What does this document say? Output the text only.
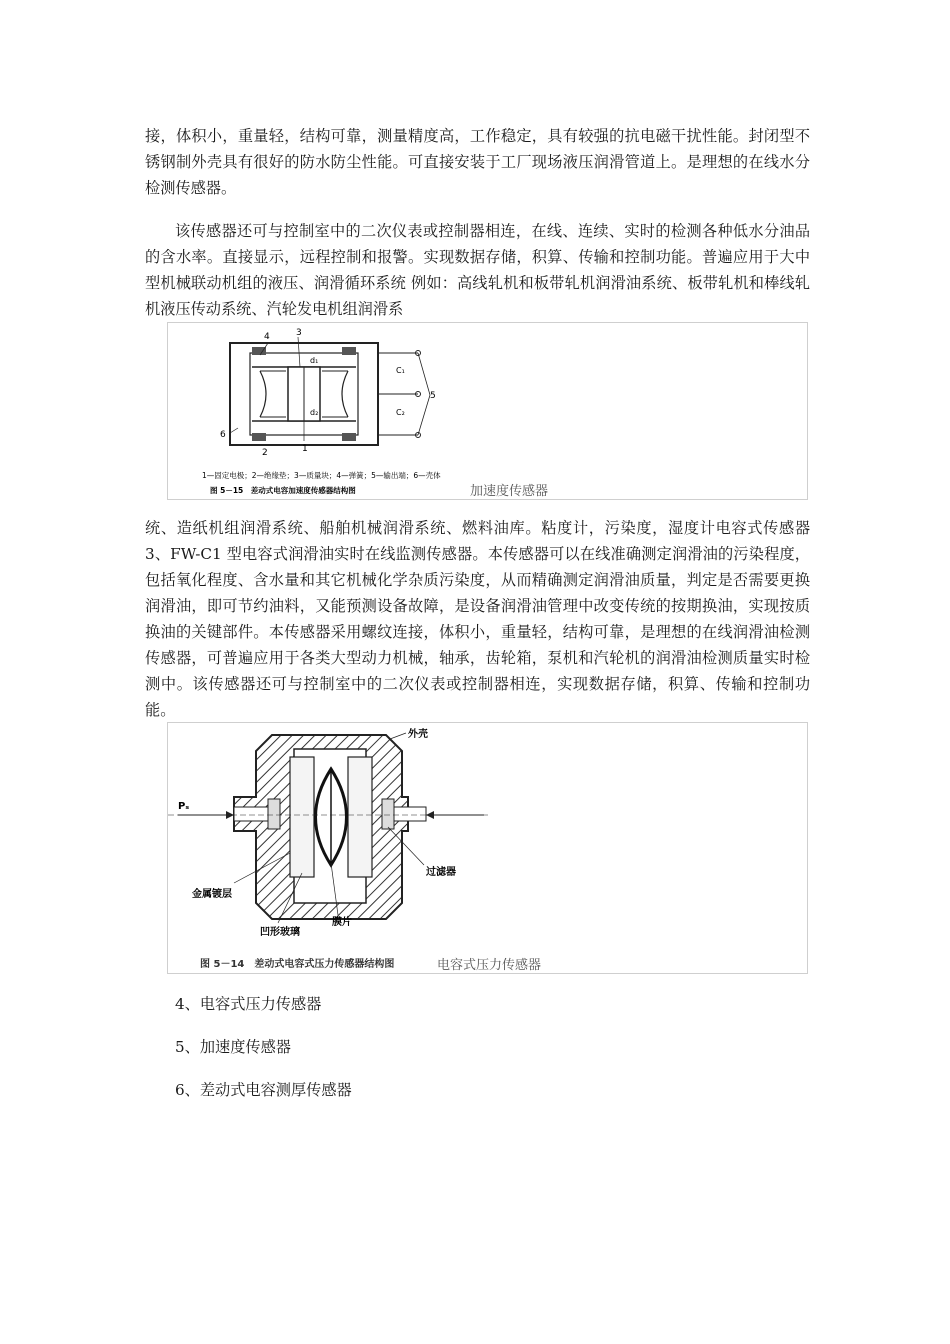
接，体积小，重量轻，结构可靠，测量精度高，工作稳定，具有较强的抗电磁干扰性能。封闭型不锈钢制外壳具有很好的防水防尘性能。可直接安装于工厂现场液压润滑管道上。是理想的在线水分检测传感器。

该传感器还可与控制室中的二次仪表或控制器相连，在线、连续、实时的检测各种低水分油品的含水率。直接显示，远程控制和报警。实现数据存储，积算、传输和控制功能。普遍应用于大中型机械联动机组的液压、润滑循环系统 例如：高线轧机和板带轧机润滑油系统、板带轧机和棒线轧机液压传动系统、汽轮发电机组润滑系

4	3
d₁
d₂
C₁
C₂
5
6
2	1
1—固定电极；2—绝缘垫；3—质量块；4—弹簧；5—输出端；6—壳体
图 5－15　差动式电容加速度传感器结构图	加速度传感器

统、造纸机组润滑系统、船舶机械润滑系统、燃料油库。粘度计，污染度，湿度计电容式传感器 3、FW-C1 型电容式润滑油实时在线监测传感器。本传感器可以在线准确测定润滑油的污染程度，包括氧化程度、含水量和其它机械化学杂质污染度，从而精确测定润滑油质量，判定是否需要更换润滑油，即可节约油料，又能预测设备故障，是设备润滑油管理中改变传统的按期换油，实现按质换油的关键部件。本传感器采用螺纹连接，体积小，重量轻，结构可靠，是理想的在线润滑油检测传感器，可普遍应用于各类大型动力机械，轴承，齿轮箱，泵机和汽轮机的润滑油检测质量实时检测中。该传感器还可与控制室中的二次仪表或控制器相连，实现数据存储，积算、传输和控制功能。

外壳
Pₛ
金属镀层
过滤器
凹形玻璃
膜片
图 5－14　差动式电容式压力传感器结构图	电容式压力传感器

4、电容式压力传感器

5、加速度传感器

6、差动式电容测厚传感器
